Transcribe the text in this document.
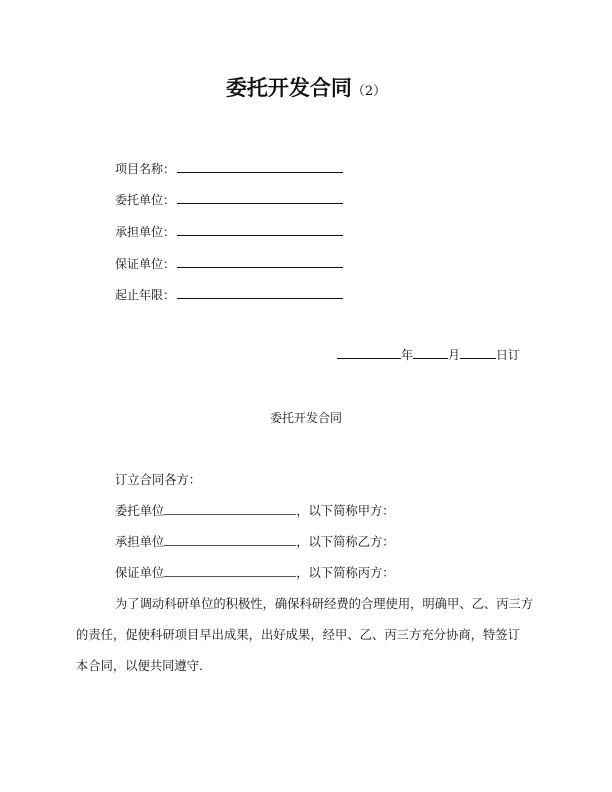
委托开发合同（2）
项目名称：
委托单位：
承担单位：
保证单位：
起止年限：
年	月	日订
委托开发合同
订立合同各方：
委托单位	，以下简称甲方：
承担单位	，以下简称乙方：
保证单位	，以下简称丙方：
为了调动科研单位的积极性，确保科研经费的合理使用，明确甲、乙、丙三方
的责任，促使科研项目早出成果，出好成果，经甲、乙、丙三方充分协商，特签订
本合同，以便共同遵守.
